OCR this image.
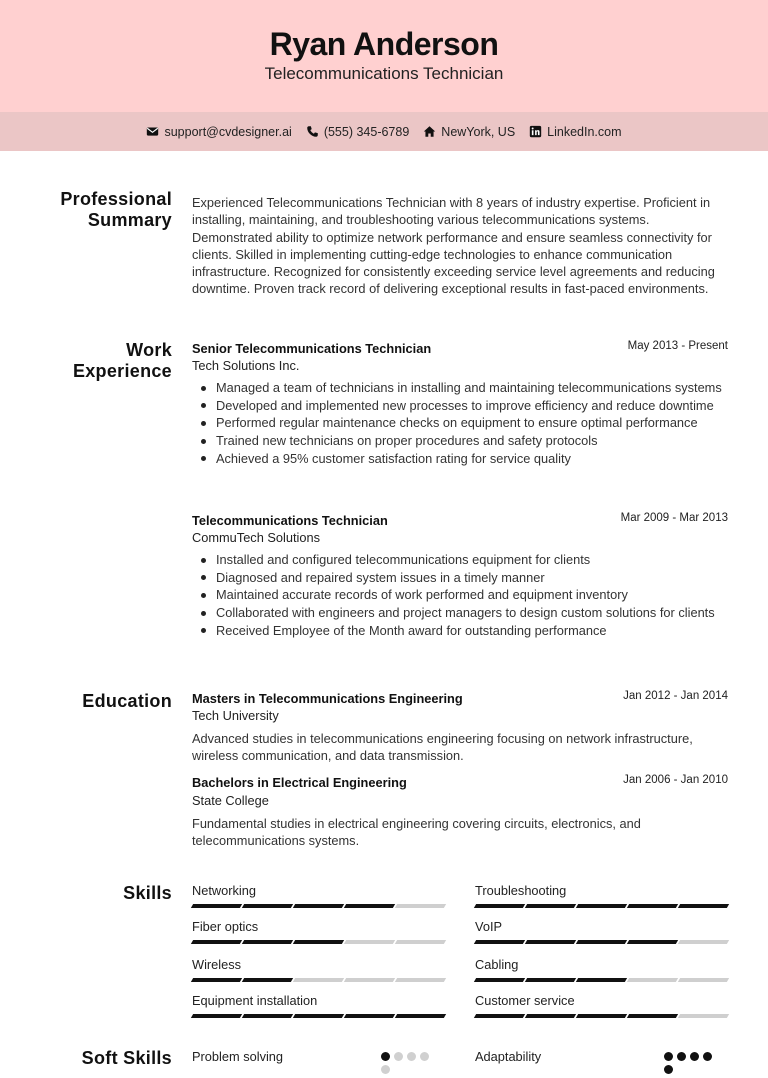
Ryan Anderson
Telecommunications Technician
support@cvdesigner.ai	(555) 345-6789	NewYork, US	LinkedIn.com
Professional Summary
Experienced Telecommunications Technician with 8 years of industry expertise. Proficient in installing, maintaining, and troubleshooting various telecommunications systems. Demonstrated ability to optimize network performance and ensure seamless connectivity for clients. Skilled in implementing cutting-edge technologies to enhance communication infrastructure. Recognized for consistently exceeding service level agreements and reducing downtime. Proven track record of delivering exceptional results in fast-paced environments.
Work Experience
Senior Telecommunications Technician	May 2013 - Present
Tech Solutions Inc.
Managed a team of technicians in installing and maintaining telecommunications systems
Developed and implemented new processes to improve efficiency and reduce downtime
Performed regular maintenance checks on equipment to ensure optimal performance
Trained new technicians on proper procedures and safety protocols
Achieved a 95% customer satisfaction rating for service quality
Telecommunications Technician	Mar 2009 - Mar 2013
CommuTech Solutions
Installed and configured telecommunications equipment for clients
Diagnosed and repaired system issues in a timely manner
Maintained accurate records of work performed and equipment inventory
Collaborated with engineers and project managers to design custom solutions for clients
Received Employee of the Month award for outstanding performance
Education Masters in Telecommunications Engineering	Jan 2012 - Jan 2014
Tech University
Advanced studies in telecommunications engineering focusing on network infrastructure, wireless communication, and data transmission.
Bachelors in Electrical Engineering	Jan 2006 - Jan 2010
State College
Fundamental studies in electrical engineering covering circuits, electronics, and telecommunications systems.
Skills Networking	Troubleshooting
Fiber optics	VoIP
Wireless	Cabling
Equipment installation	Customer service
Soft Skills Problem solving	Adaptability
